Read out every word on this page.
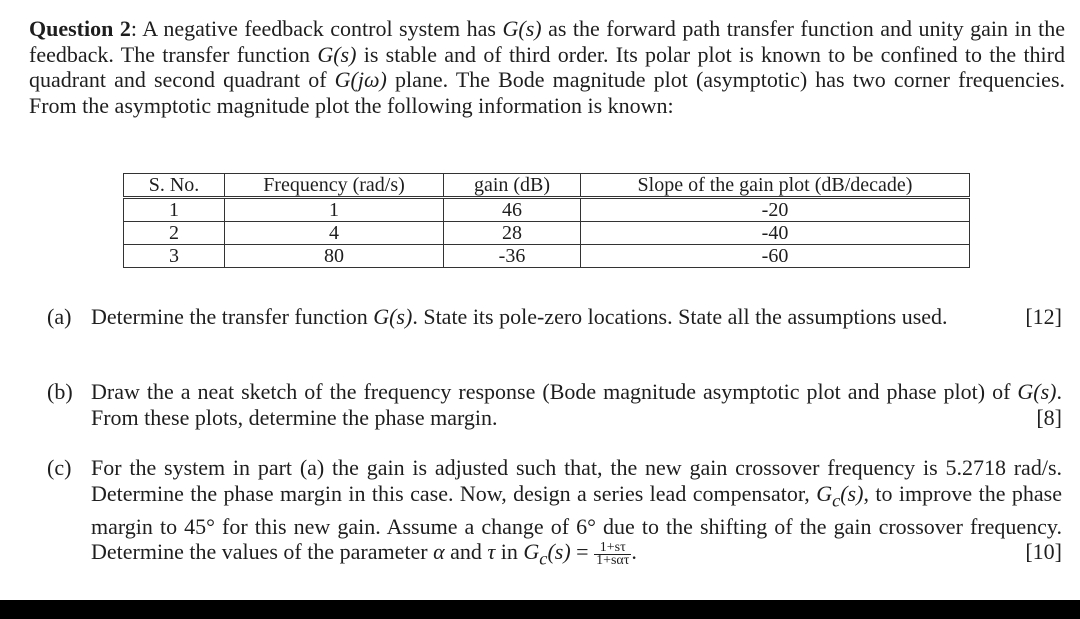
Question 2: A negative feedback control system has G(s) as the forward path transfer function and unity gain in the feedback. The transfer function G(s) is stable and of third order. Its polar plot is known to be confined to the third quadrant and second quadrant of G(jω) plane. The Bode magnitude plot (asymptotic) has two corner frequencies. From the asymptotic magnitude plot the following information is known:
S. No.	Frequency (rad/s)	gain (dB)	Slope of the gain plot (dB/decade)
1	1	46	-20
2	4	28	-40
3	80	-36	-60
(a) Determine the transfer function G(s). State its pole-zero locations. State all the assumptions used.	[12]
(b) Draw the a neat sketch of the frequency response (Bode magnitude asymptotic plot and phase plot) of G(s). From these plots, determine the phase margin.	[8]
(c) For the system in part (a) the gain is adjusted such that, the new gain crossover frequency is 5.2718 rad/s. Determine the phase margin in this case. Now, design a series lead compensator, $G_c(s)$, to improve the phase margin to 45° for this new gain. Assume a change of 6° due to the shifting of the gain crossover frequency. Determine the values of the parameter α and τ in $G_c(s) = \frac{1+s\tau}{\text{1+sατ}}$ .	[10]
